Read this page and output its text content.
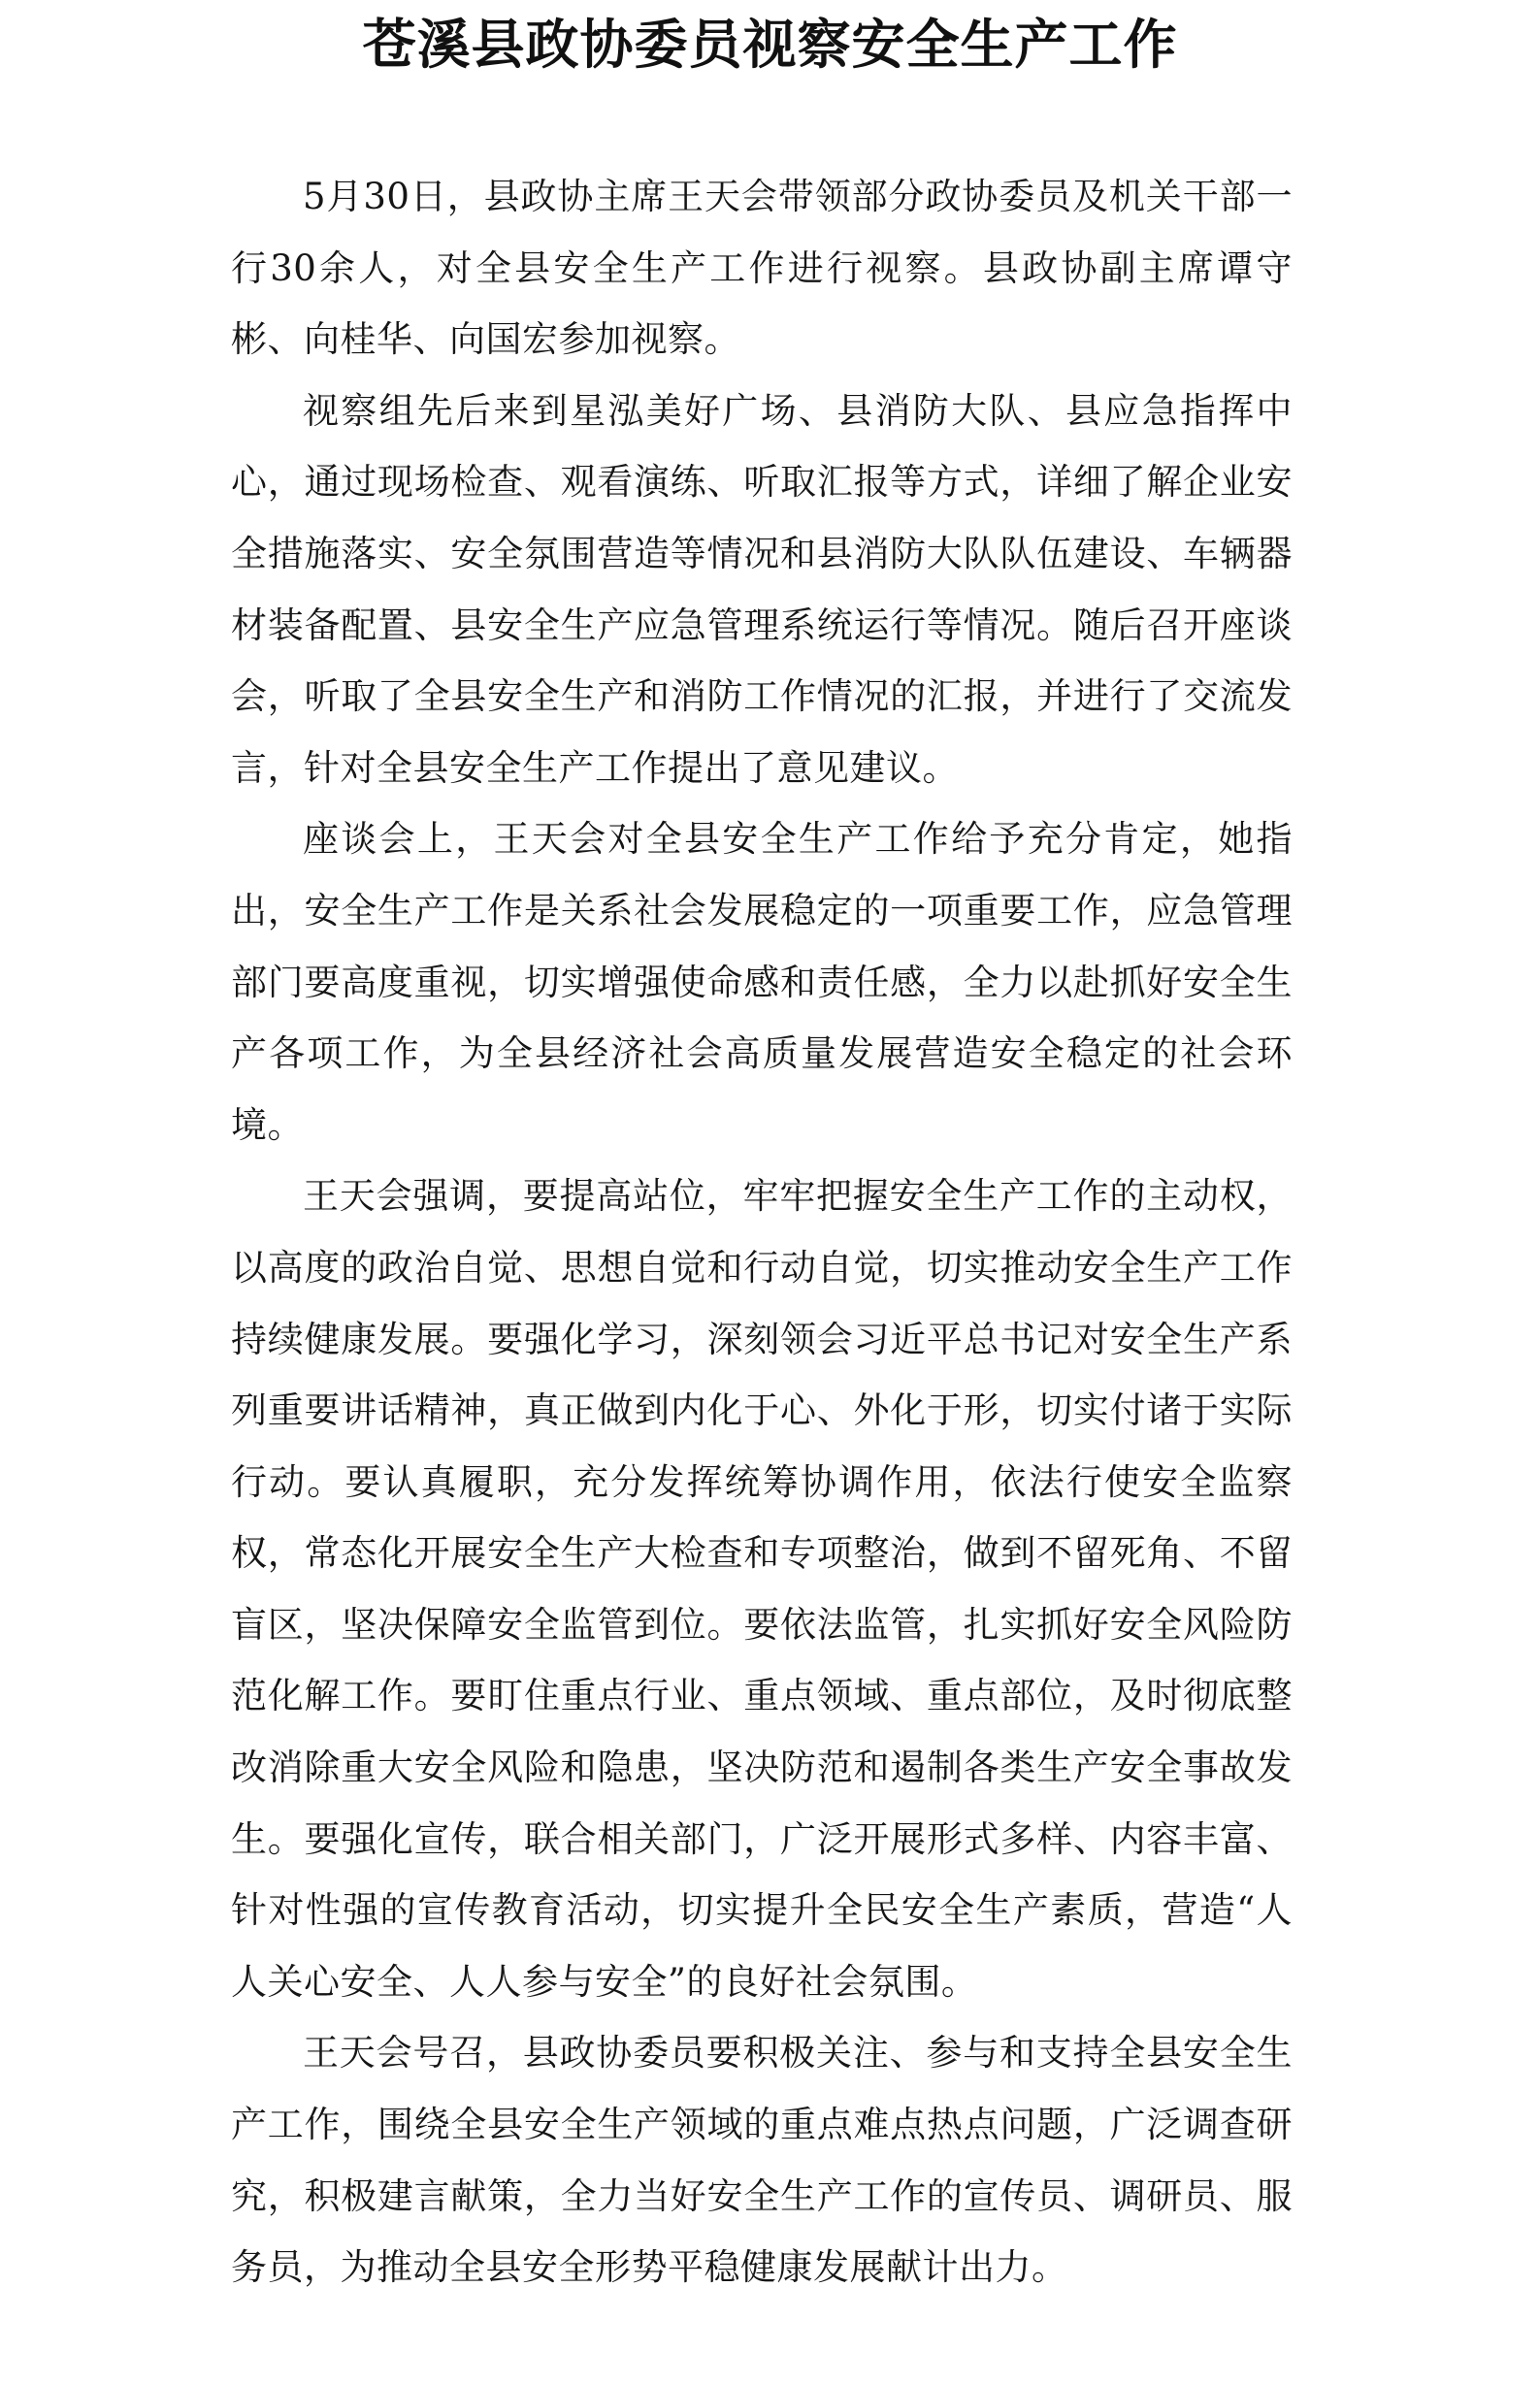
苍溪县政协委员视察安全生产工作

5月30日，县政协主席王天会带领部分政协委员及机关干部一行30余人，对全县安全生产工作进行视察。县政协副主席谭守彬、向桂华、向国宏参加视察。

视察组先后来到星泓美好广场、县消防大队、县应急指挥中心，通过现场检查、观看演练、听取汇报等方式，详细了解企业安全措施落实、安全氛围营造等情况和县消防大队队伍建设、车辆器材装备配置、县安全生产应急管理系统运行等情况。随后召开座谈会，听取了全县安全生产和消防工作情况的汇报，并进行了交流发言，针对全县安全生产工作提出了意见建议。

座谈会上，王天会对全县安全生产工作给予充分肯定，她指出，安全生产工作是关系社会发展稳定的一项重要工作，应急管理部门要高度重视，切实增强使命感和责任感，全力以赴抓好安全生产各项工作，为全县经济社会高质量发展营造安全稳定的社会环境。

王天会强调，要提高站位，牢牢把握安全生产工作的主动权，以高度的政治自觉、思想自觉和行动自觉，切实推动安全生产工作持续健康发展。要强化学习，深刻领会习近平总书记对安全生产系列重要讲话精神，真正做到内化于心、外化于形，切实付诸于实际行动。要认真履职，充分发挥统筹协调作用，依法行使安全监察权，常态化开展安全生产大检查和专项整治，做到不留死角、不留盲区，坚决保障安全监管到位。要依法监管，扎实抓好安全风险防范化解工作。要盯住重点行业、重点领域、重点部位，及时彻底整改消除重大安全风险和隐患，坚决防范和遏制各类生产安全事故发生。要强化宣传，联合相关部门，广泛开展形式多样、内容丰富、针对性强的宣传教育活动，切实提升全民安全生产素质，营造“人人关心安全、人人参与安全”的良好社会氛围。

王天会号召，县政协委员要积极关注、参与和支持全县安全生产工作，围绕全县安全生产领域的重点难点热点问题，广泛调查研究，积极建言献策，全力当好安全生产工作的宣传员、调研员、服务员，为推动全县安全形势平稳健康发展献计出力。
